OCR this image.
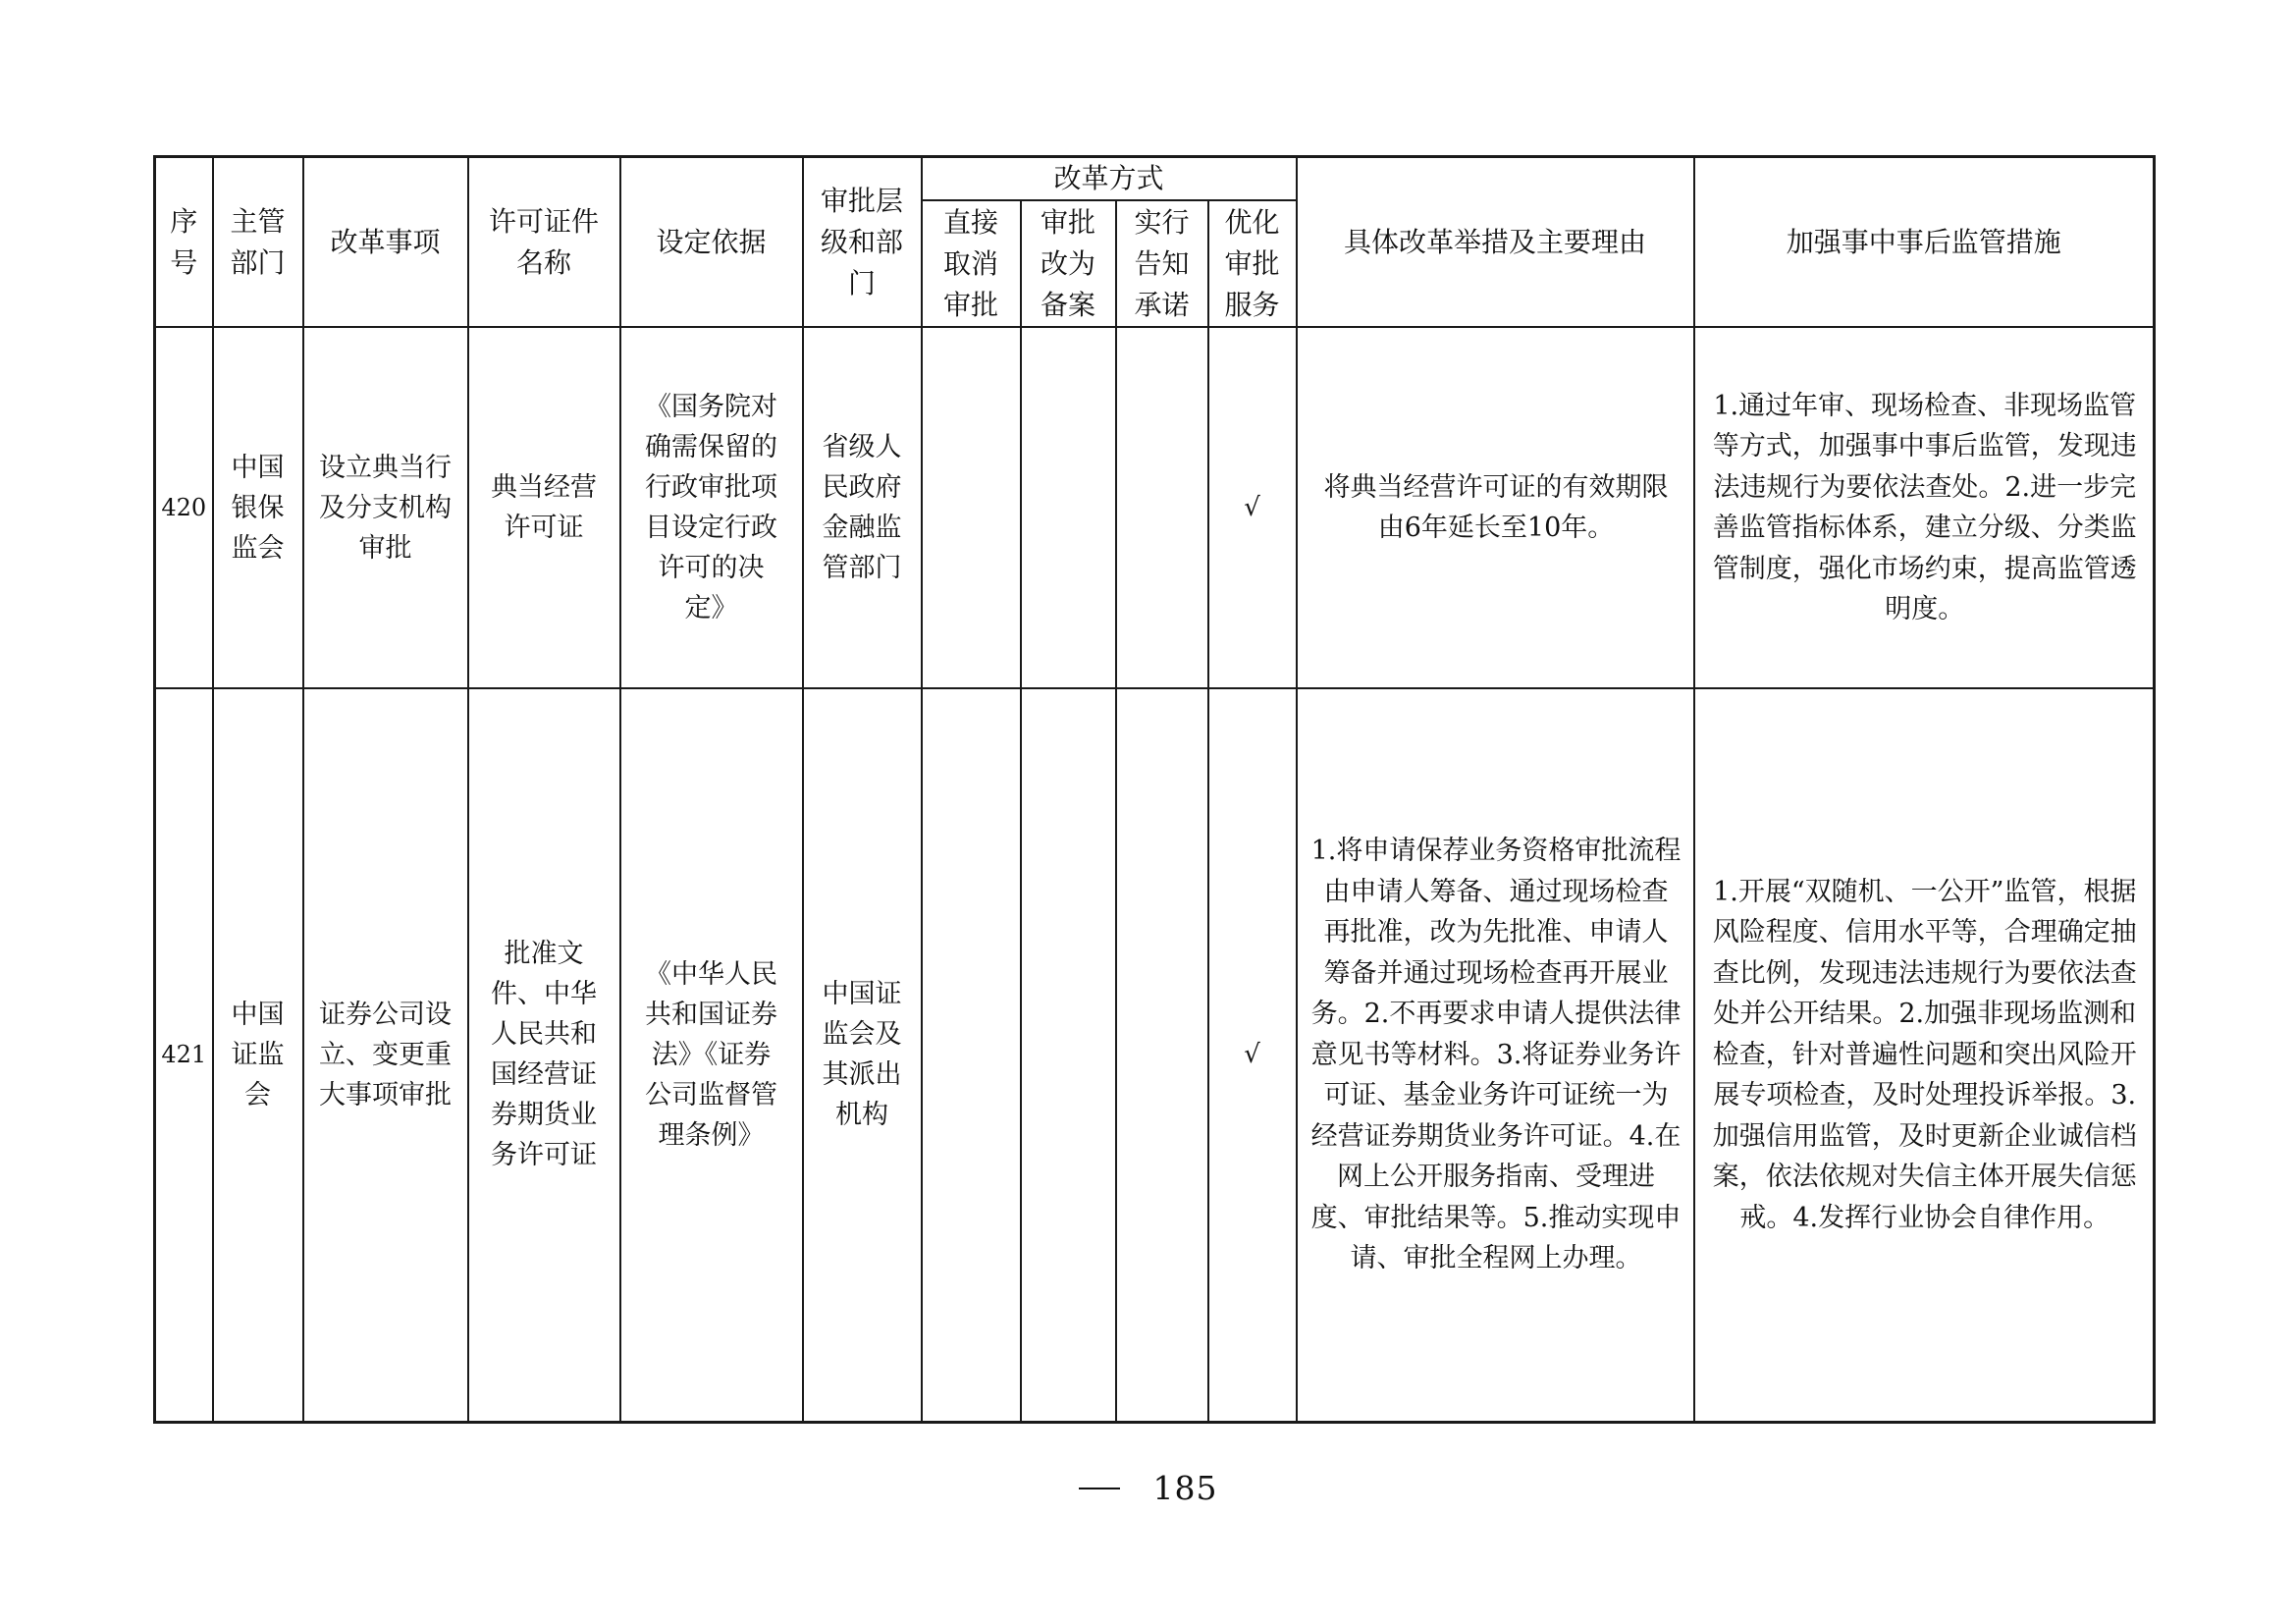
序号	主管部门	改革事项	许可证件名称	设定依据	审批层级和部门	改革方式				具体改革举措及主要理由	加强事中事后监管措施
						直接取消审批	审批改为备案	实行告知承诺	优化审批服务		
420	中国银保监会	设立典当行及分支机构审批	典当经营许可证	《国务院对确需保留的行政审批项目设定行政许可的决定》	省级人民政府金融监管部门				√	将典当经营许可证的有效期限由6年延长至10年。	1.通过年审、现场检查、非现场监管等方式，加强事中事后监管，发现违法违规行为要依法查处。2.进一步完善监管指标体系，建立分级、分类监管制度，强化市场约束，提高监管透明度。
421	中国证监会	证券公司设立、变更重大事项审批	批准文件、中华人民共和国经营证券期货业务许可证	《中华人民共和国证券法》《证券公司监督管理条例》	中国证监会及其派出机构				√	1.将申请保荐业务资格审批流程由申请人筹备、通过现场检查再批准，改为先批准、申请人筹备并通过现场检查再开展业务。2.不再要求申请人提供法律意见书等材料。3.将证券业务许可证、基金业务许可证统一为经营证券期货业务许可证。4.在网上公开服务指南、受理进度、审批结果等。5.推动实现申请、审批全程网上办理。	1.开展“双随机、一公开”监管，根据风险程度、信用水平等，合理确定抽查比例，发现违法违规行为要依法查处并公开结果。2.加强非现场监测和检查，针对普遍性问题和突出风险开展专项检查，及时处理投诉举报。3.加强信用监管，及时更新企业诚信档案，依法依规对失信主体开展失信惩戒。4.发挥行业协会自律作用。
185
